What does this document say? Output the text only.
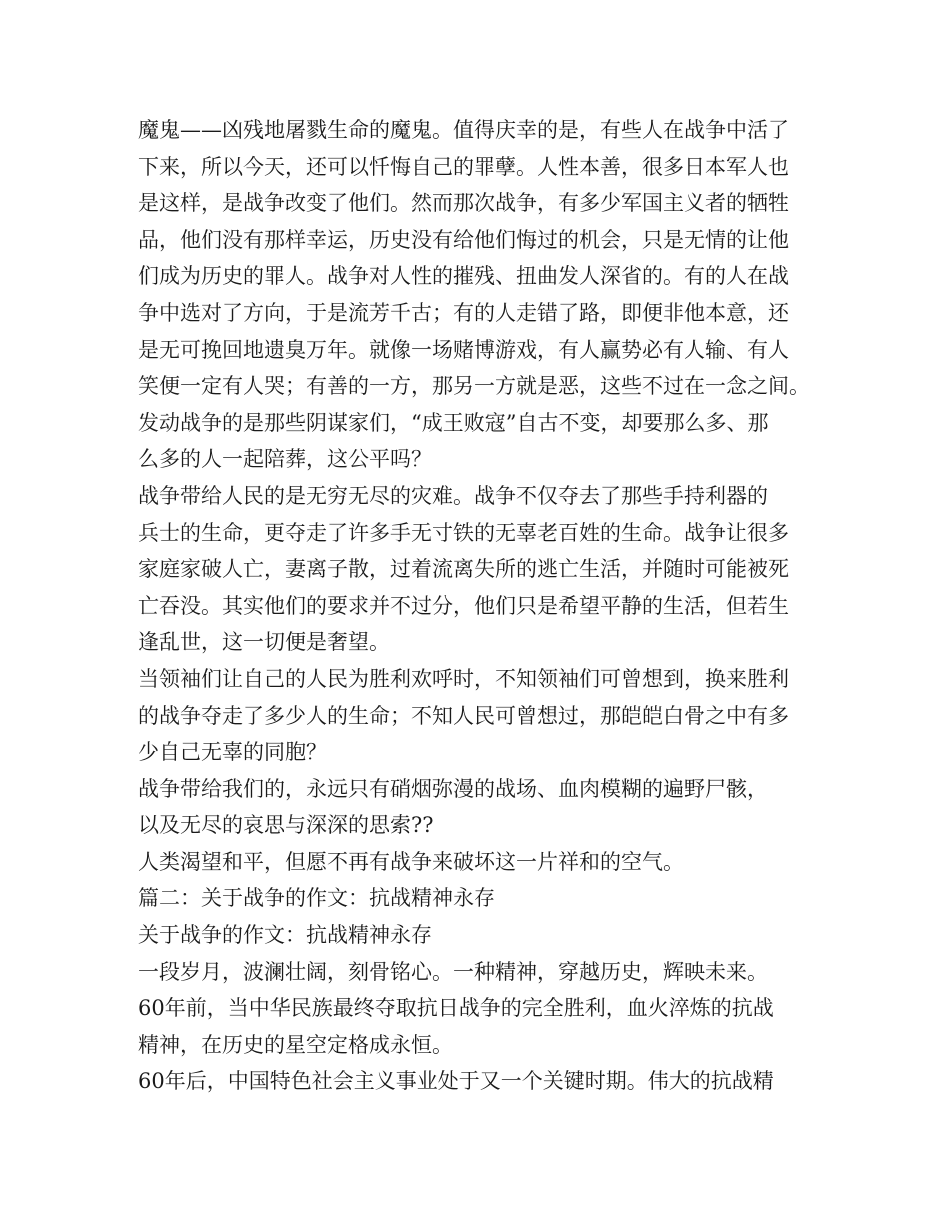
魔鬼——凶残地屠戮生命的魔鬼。值得庆幸的是，有些人在战争中活了
下来，所以今天，还可以忏悔自己的罪孽。人性本善，很多日本军人也
是这样，是战争改变了他们。然而那次战争，有多少军国主义者的牺牲
品，他们没有那样幸运，历史没有给他们悔过的机会，只是无情的让他
们成为历史的罪人。战争对人性的摧残、扭曲发人深省的。有的人在战
争中选对了方向，于是流芳千古；有的人走错了路，即便非他本意，还
是无可挽回地遗臭万年。就像一场赌博游戏，有人赢势必有人输、有人
笑便一定有人哭；有善的一方，那另一方就是恶，这些不过在一念之间。
发动战争的是那些阴谋家们，“成王败寇”自古不变，却要那么多、那
么多的人一起陪葬，这公平吗？
战争带给人民的是无穷无尽的灾难。战争不仅夺去了那些手持利器的
兵士的生命，更夺走了许多手无寸铁的无辜老百姓的生命。战争让很多
家庭家破人亡，妻离子散，过着流离失所的逃亡生活，并随时可能被死
亡吞没。其实他们的要求并不过分，他们只是希望平静的生活，但若生
逢乱世，这一切便是奢望。
当领袖们让自己的人民为胜利欢呼时，不知领袖们可曾想到，换来胜利
的战争夺走了多少人的生命；不知人民可曾想过，那皑皑白骨之中有多
少自己无辜的同胞？
战争带给我们的，永远只有硝烟弥漫的战场、血肉模糊的遍野尸骸，
以及无尽的哀思与深深的思索??
人类渴望和平，但愿不再有战争来破坏这一片祥和的空气。
篇二：关于战争的作文：抗战精神永存
关于战争的作文：抗战精神永存
一段岁月，波澜壮阔，刻骨铭心。一种精神，穿越历史，辉映未来。
60年前，当中华民族最终夺取抗日战争的完全胜利，血火淬炼的抗战
精神，在历史的星空定格成永恒。
60年后，中国特色社会主义事业处于又一个关键时期。伟大的抗战精
